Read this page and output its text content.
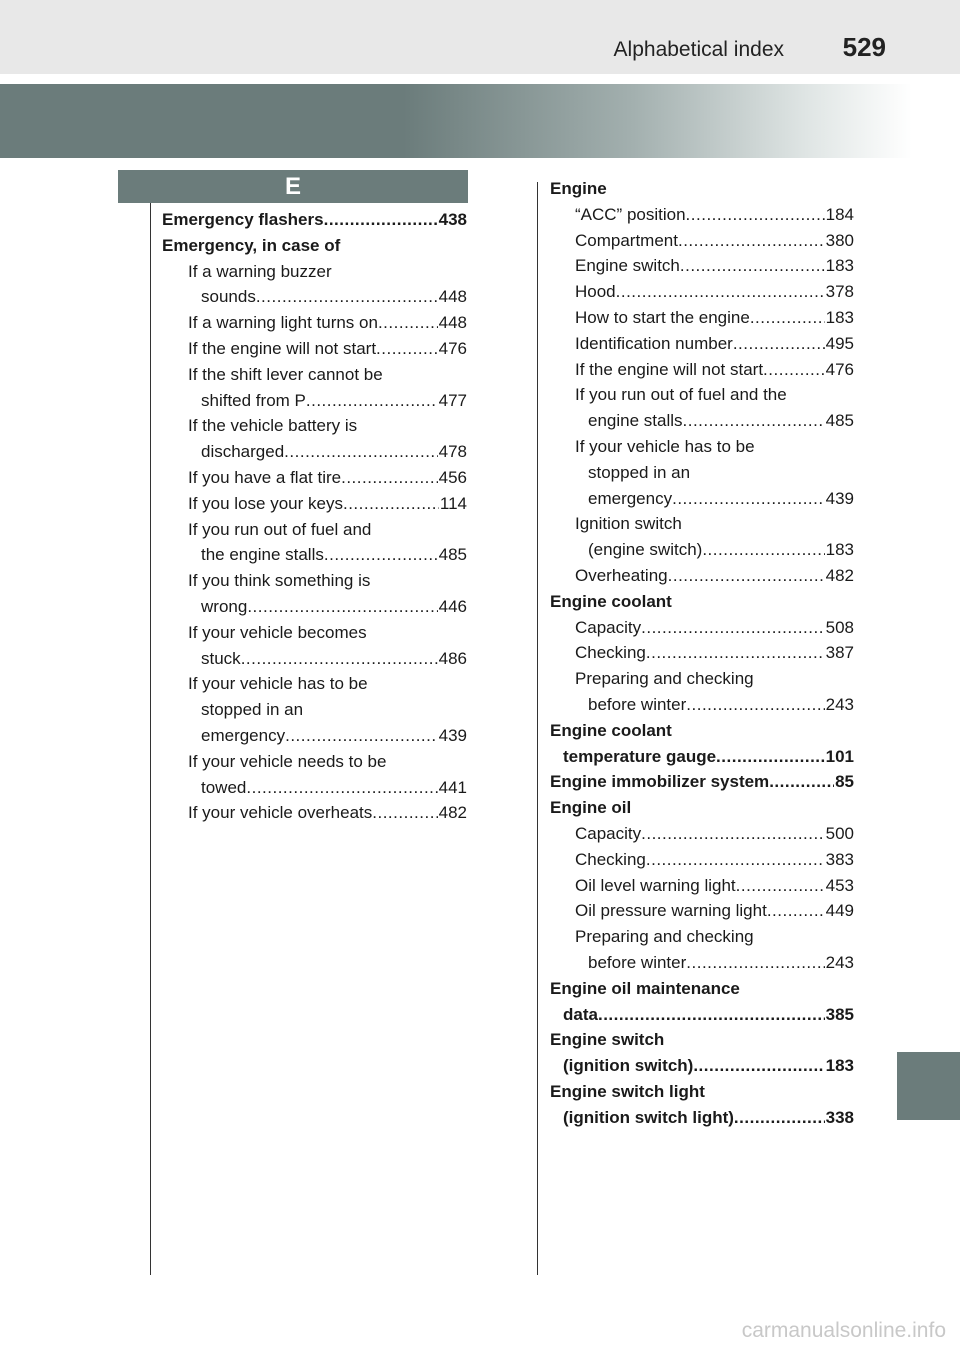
Alphabetical index 529
E
Emergency flashers .....	438
Emergency, in case of
If a warning buzzer
sounds .....	448
If a warning light turns on .....	448
If the engine will not start .....	476
If the shift lever cannot be
shifted from P .....	477
If the vehicle battery is
discharged .....	478
If you have a flat tire .....	456
If you lose your keys .....	114
If you run out of fuel and
the engine stalls .....	485
If you think something is
wrong .....	446
If your vehicle becomes
stuck .....	486
If your vehicle has to be
stopped in an
emergency .....	439
If your vehicle needs to be
towed .....	441
If your vehicle overheats .....	482
Engine
“ACC” position .....	184
Compartment .....	380
Engine switch .....	183
Hood .....	378
How to start the engine .....	183
Identification number .....	495
If the engine will not start .....	476
If you run out of fuel and the
engine stalls .....	485
If your vehicle has to be
stopped in an
emergency .....	439
Ignition switch
(engine switch) .....	183
Overheating .....	482
Engine coolant
Capacity .....	508
Checking .....	387
Preparing and checking
before winter .....	243
Engine coolant
temperature gauge .....	101
Engine immobilizer system .....	85
Engine oil
Capacity .....	500
Checking .....	383
Oil level warning light .....	453
Oil pressure warning light .....	449
Preparing and checking
before winter .....	243
Engine oil maintenance
data .....	385
Engine switch
(ignition switch) .....	183
Engine switch light
(ignition switch light) .....	338
carmanualsonline.info
